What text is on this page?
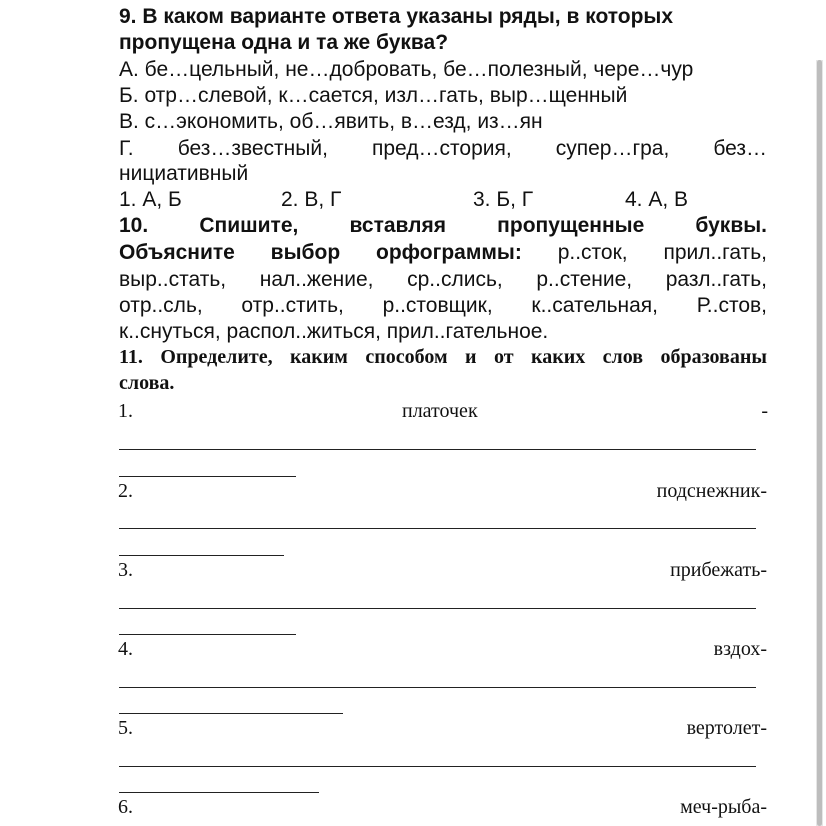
9. В каком варианте ответа указаны ряды, в которых
пропущена одна и та же буква?
А. бе…цельный, не…добровать, бе…полезный, чере…чур
Б. отр…слевой, к…сается, изл…гать, выр…щенный
В. с…экономить, об…явить, в…езд, из…ян
Г. без…звестный, пред…стория, супер…гра, без…
нициативный
1. А, Б	2. В, Г	3. Б, Г	4. А, В
10. Спишите, вставляя пропущенные буквы.
Объясните выбор орфограммы: р..сток, прил..гать,
выр..стать, нал..жение, ср..слись, р..стение, разл..гать,
отр..сль, отр..стить, р..стовщик, к..сательная, Р..стов,
к..снуться, распол..житься, прил..гательное.
11. Определите, каким способом и от каких слов образованы
слова.
1.	платочек	-
2.	подснежник-
3.	прибежать-
4.	вздох-
5.	вертолет-
6.	меч-рыба-
